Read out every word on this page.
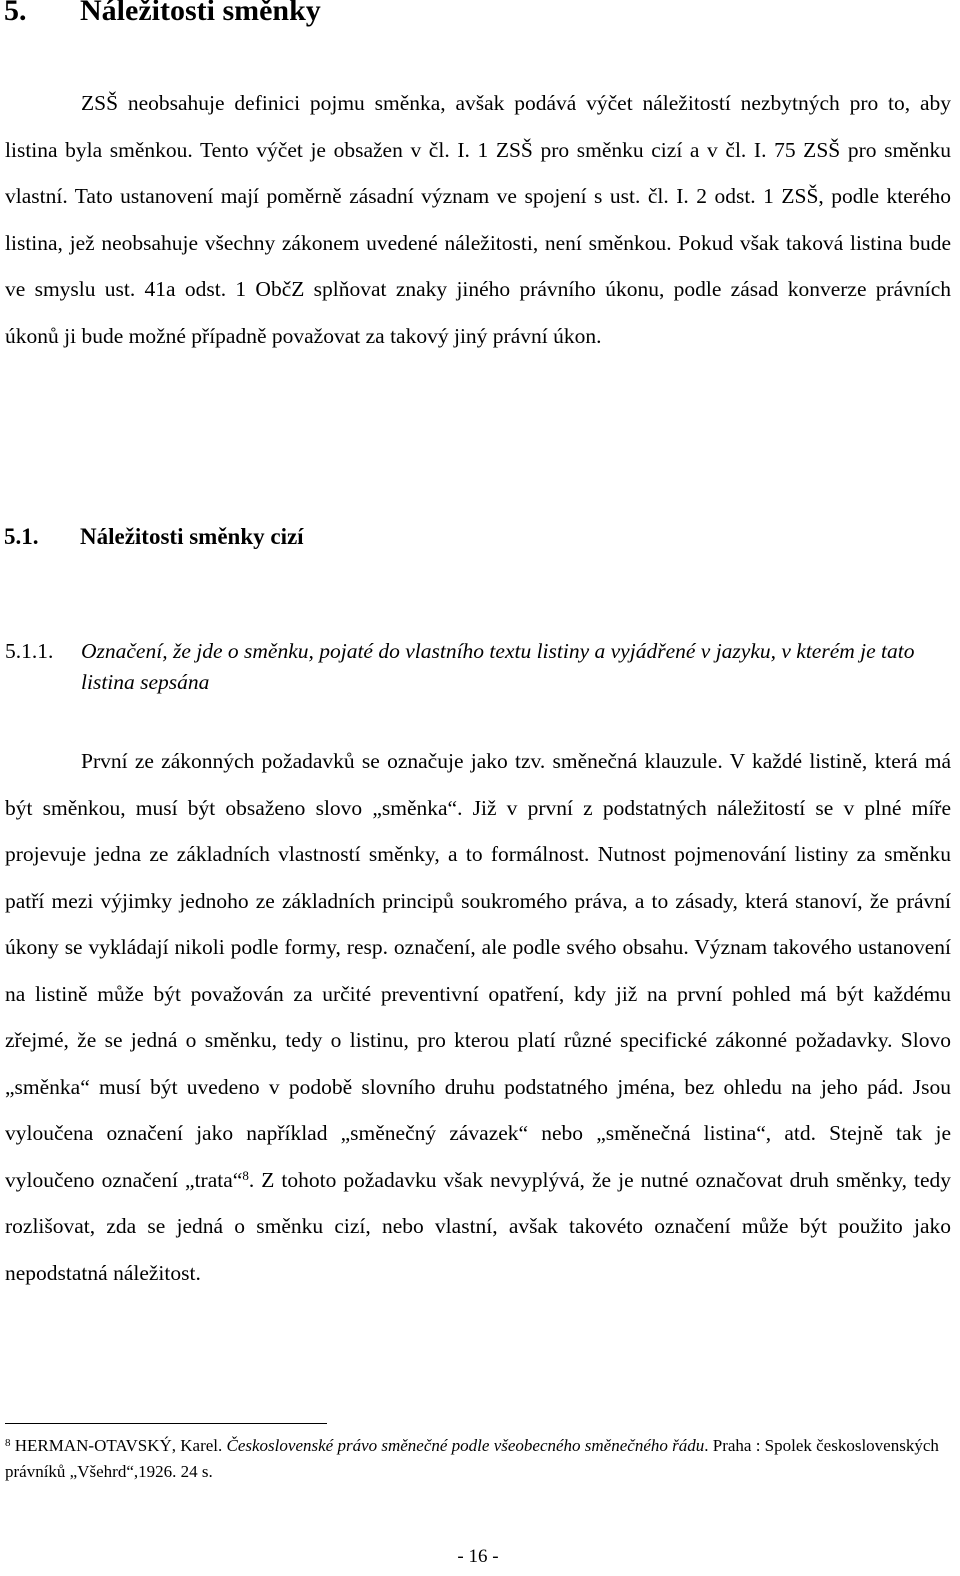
5. Náležitosti směnky

ZSŠ neobsahuje definici pojmu směnka, avšak podává výčet náležitostí nezbytných pro to, aby listina byla směnkou. Tento výčet je obsažen v čl. I. 1 ZSŠ pro směnku cizí a v čl. I. 75 ZSŠ pro směnku vlastní. Tato ustanovení mají poměrně zásadní význam ve spojení s ust. čl. I. 2 odst. 1 ZSŠ, podle kterého listina, jež neobsahuje všechny zákonem uvedené náležitosti, není směnkou. Pokud však taková listina bude ve smyslu ust. 41a odst. 1 ObčZ splňovat znaky jiného právního úkonu, podle zásad konverze právních úkonů ji bude možné případně považovat za takový jiný právní úkon.

5.1. Náležitosti směnky cizí

5.1.1. Označení, že jde o směnku, pojaté do vlastního textu listiny a vyjádřené v jazyku, v kterém je tato listina sepsána

První ze zákonných požadavků se označuje jako tzv. směnečná klauzule. V každé listině, která má být směnkou, musí být obsaženo slovo „směnka“. Již v první z podstatných náležitostí se v plné míře projevuje jedna ze základních vlastností směnky, a to formálnost. Nutnost pojmenování listiny za směnku patří mezi výjimky jednoho ze základních principů soukromého práva, a to zásady, která stanoví, že právní úkony se vykládají nikoli podle formy, resp. označení, ale podle svého obsahu. Význam takového ustanovení na listině může být považován za určité preventivní opatření, kdy již na první pohled má být každému zřejmé, že se jedná o směnku, tedy o listinu, pro kterou platí různé specifické zákonné požadavky. Slovo „směnka“ musí být uvedeno v podobě slovního druhu podstatného jména, bez ohledu na jeho pád. Jsou vyloučena označení jako například „směnečný závazek“ nebo „směnečná listina“, atd. Stejně tak je vyloučeno označení „trata“$^8$. Z tohoto požadavku však nevyplývá, že je nutné označovat druh směnky, tedy rozlišovat, zda se jedná o směnku cizí, nebo vlastní, avšak takovéto označení může být použito jako nepodstatná náležitost.

$^8$ HERMAN-OTAVSKÝ, Karel. Československé právo směnečné podle všeobecného směnečného řádu. Praha : Spolek československých právníků „Všehrd“,1926. 24 s.

- 16 -
